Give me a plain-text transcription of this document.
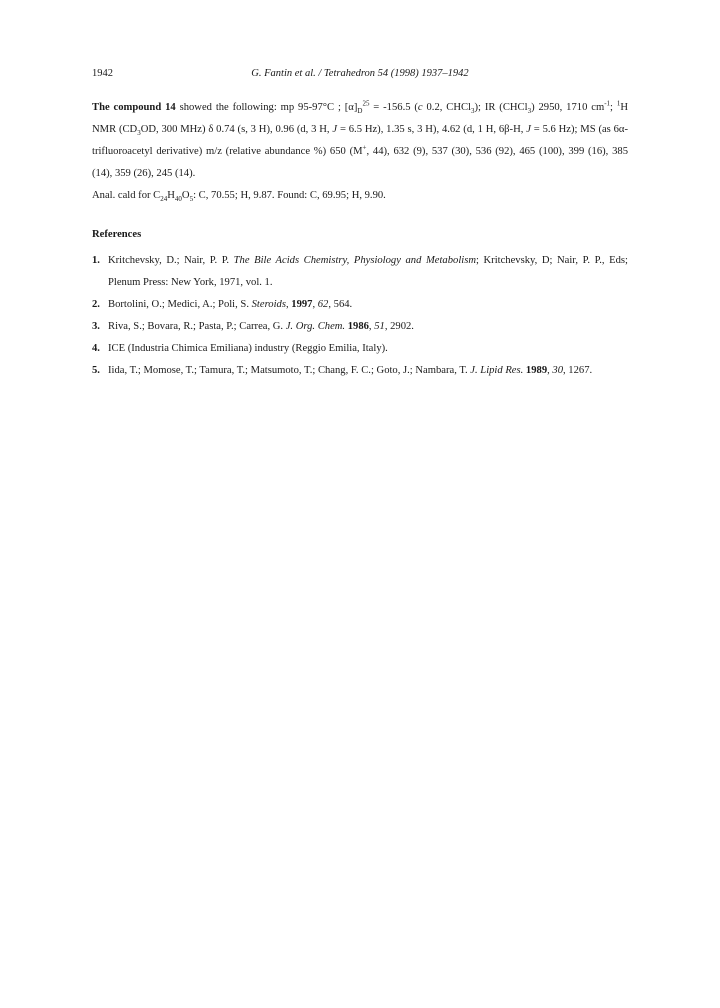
1942	G. Fantin et al. / Tetrahedron 54 (1998) 1937–1942

The compound 14 showed the following: mp 95-97°C ; $[\alpha]_D^{25} = -156.5$ (c 0.2, CHCl$_3$); IR (CHCl$_3$) 2950, 1710 $cm^{-1}$; $^1$H NMR ($CD_3OD$, 300 MHz) δ 0.74 (s, 3 H), 0.96 (d, 3 H, J = 6.5 Hz), 1.35 s, 3 H), 4.62 (d, 1 H, 6β-H, J = 5.6 Hz); MS (as 6α-trifluoroacetyl derivative) m/z (relative abundance %) 650 (M+, 44), 632 (9), 537 (30), 536 (92), 465 (100), 399 (16), 385 (14), 359 (26), 245 (14).

Anal. cald for $C_{24}H_{40}O_5$: C, 70.55; H, 9.87. Found: C, 69.95; H, 9.90.

References
1. Kritchevsky, D.; Nair, P. P. The Bile Acids Chemistry, Physiology and Metabolism; Kritchevsky, D; Nair, P. P., Eds; Plenum Press: New York, 1971, vol. 1.
2. Bortolini, O.; Medici, A.; Poli, S. Steroids, 1997, 62, 564.
3. Riva, S.; Bovara, R.; Pasta, P.; Carrea, G. J. Org. Chem. 1986, 51, 2902.
4. ICE (Industria Chimica Emiliana) industry (Reggio Emilia, Italy).
5. Iida, T.; Momose, T.; Tamura, T.; Matsumoto, T.; Chang, F. C.; Goto, J.; Nambara, T. J. Lipid Res. 1989, 30, 1267.
